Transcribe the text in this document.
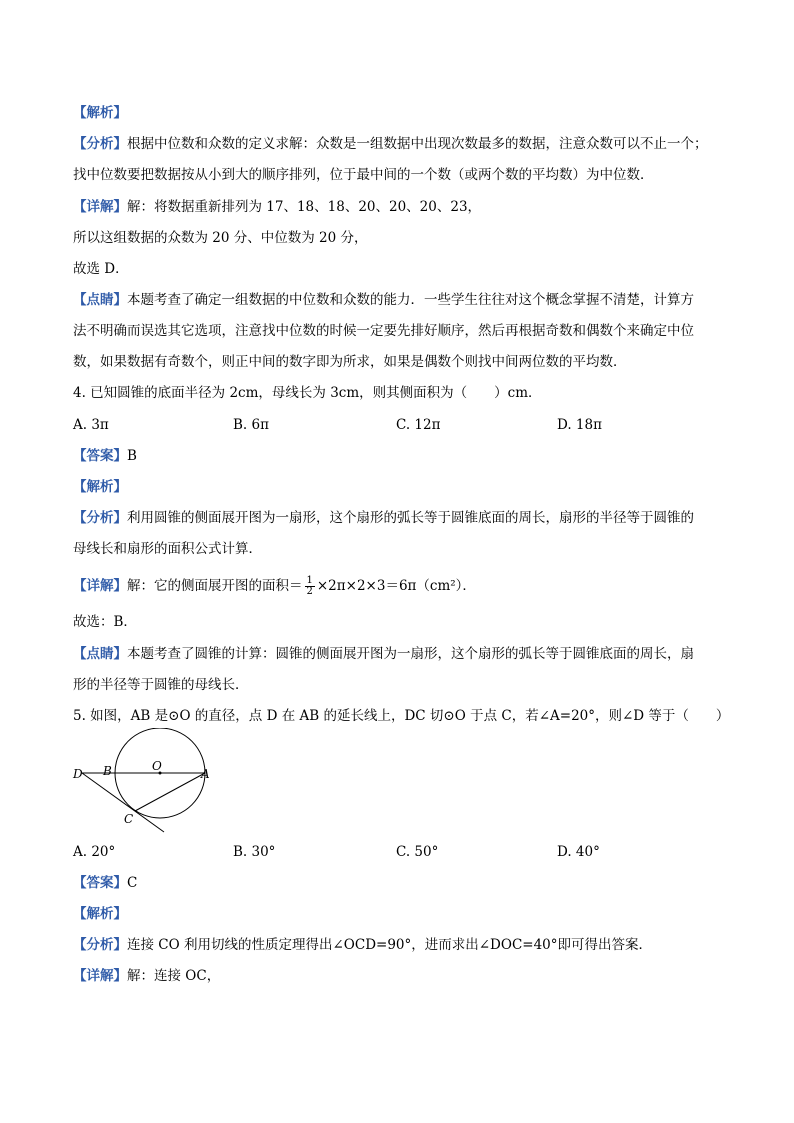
【解析】
【分析】根据中位数和众数的定义求解：众数是一组数据中出现次数最多的数据，注意众数可以不止一个；
找中位数要把数据按从小到大的顺序排列，位于最中间的一个数（或两个数的平均数）为中位数．
【详解】解：将数据重新排列为 17、18、18、20、20、20、23，
所以这组数据的众数为 20 分、中位数为 20 分，
故选 D．
【点睛】本题考查了确定一组数据的中位数和众数的能力．一些学生往往对这个概念掌握不清楚，计算方
法不明确而误选其它选项，注意找中位数的时候一定要先排好顺序，然后再根据奇数和偶数个来确定中位
数，如果数据有奇数个，则正中间的数字即为所求，如果是偶数个则找中间两位数的平均数．
4. 已知圆锥的底面半径为 2cm，母线长为 3cm，则其侧面积为（　　）cm．
A. 3π	B. 6π	C. 12π	D. 18π
【答案】B
【解析】
【分析】利用圆锥的侧面展开图为一扇形，这个扇形的弧长等于圆锥底面的周长，扇形的半径等于圆锥的
母线长和扇形的面积公式计算．
【详解】解：它的侧面展开图的面积＝ $\frac{1}{2} \times 2\pi\times 2\times 3=6\pi(cm^2)$．
故选：B．
【点睛】本题考查了圆锥的计算：圆锥的侧面展开图为一扇形，这个扇形的弧长等于圆锥底面的周长，扇
形的半径等于圆锥的母线长．
5. 如图，AB 是⊙O 的直径，点 D 在 AB 的延长线上，DC 切⊙O 于点 C，若∠A=20°，则∠D 等于（　　）
D B	O
A
C
A. 20°	B. 30°	C. 50°	D. 40°
【答案】C
【解析】
【分析】连接 CO 利用切线的性质定理得出∠OCD=90°，进而求出∠DOC=40°即可得出答案．
【详解】解：连接 OC，
